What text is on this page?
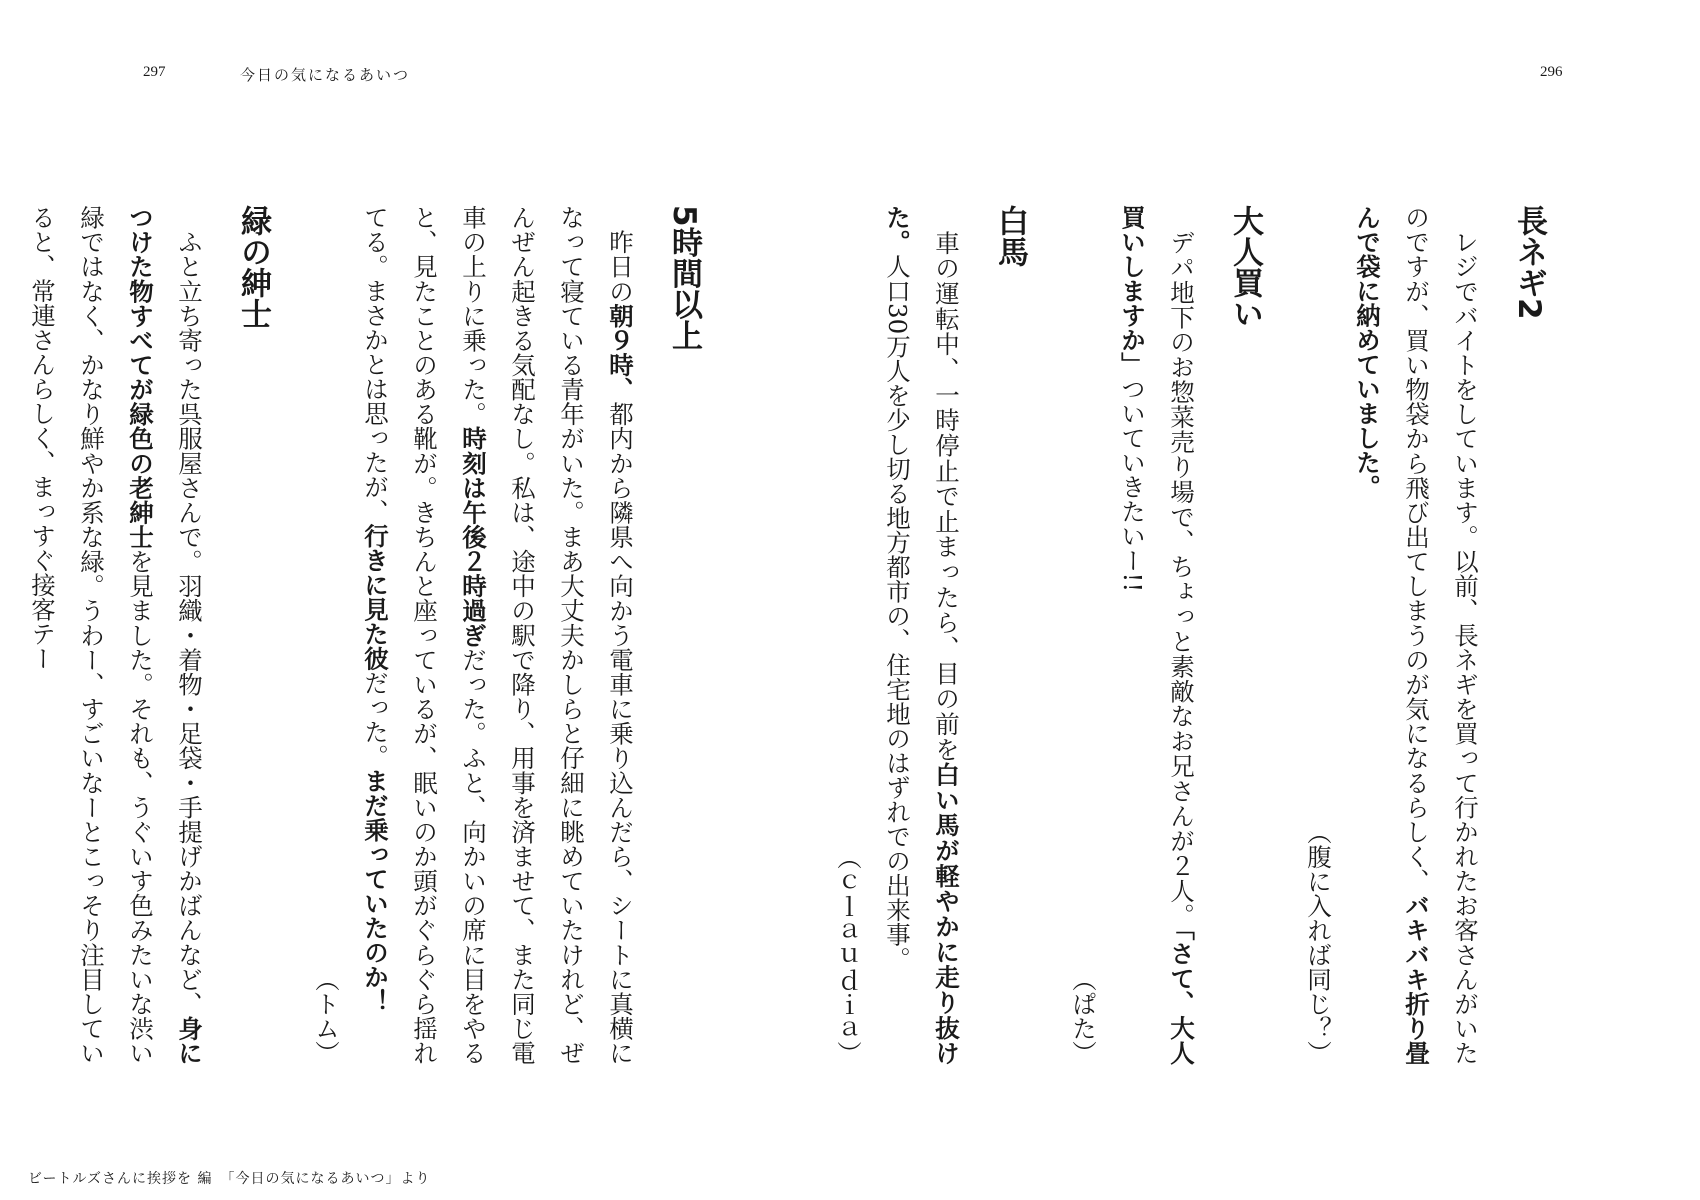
297	今日の気になるあいつ	296
長ネギ2

　レジでバイトをしています。以前、長ネギを買って行かれたお客さんがいたのですが、買い物袋から飛び出てしまうのが気になるらしく、バキバキ折り畳んで袋に納めていました。
（腹に入れば同じ？）

大人買い

　デパ地下のお惣菜売り場で、ちょっと素敵なお兄さんが２人。「さて、大人買いしますか」ついていきたいー!!
（ぱた）

白馬

　車の運転中、一時停止で止まったら、目の前を白い馬が軽やかに走り抜けた。人口30万人を少し切る地方都市の、住宅地のはずれでの出来事。
（ｃｌａｕｄｉａ）

5時間以上

　昨日の朝９時、都内から隣県へ向かう電車に乗り込んだら、シートに真横になって寝ている青年がいた。まあ大丈夫かしらと仔細に眺めていたけれど、ぜんぜん起きる気配なし。私は、途中の駅で降り、用事を済ませて、また同じ電車の上りに乗った。時刻は午後２時過ぎだった。ふと、向かいの席に目をやると、見たことのある靴が。きちんと座っているが、眠いのか頭がぐらぐら揺れてる。まさかとは思ったが、行きに見た彼だった。まだ乗っていたのか！
（トム）

緑の紳士

　ふと立ち寄った呉服屋さんで。羽織・着物・足袋・手提げかばんなど、身につけた物すべてが緑色の老紳士を見ました。それも、うぐいす色みたいな渋い緑ではなく、かなり鮮やか系な緑。うわー、すごいなーとこっそり注目していると、常連さんらしく、まっすぐ接客テー

ビートルズさんに挨拶を 編　「今日の気になるあいつ」より
